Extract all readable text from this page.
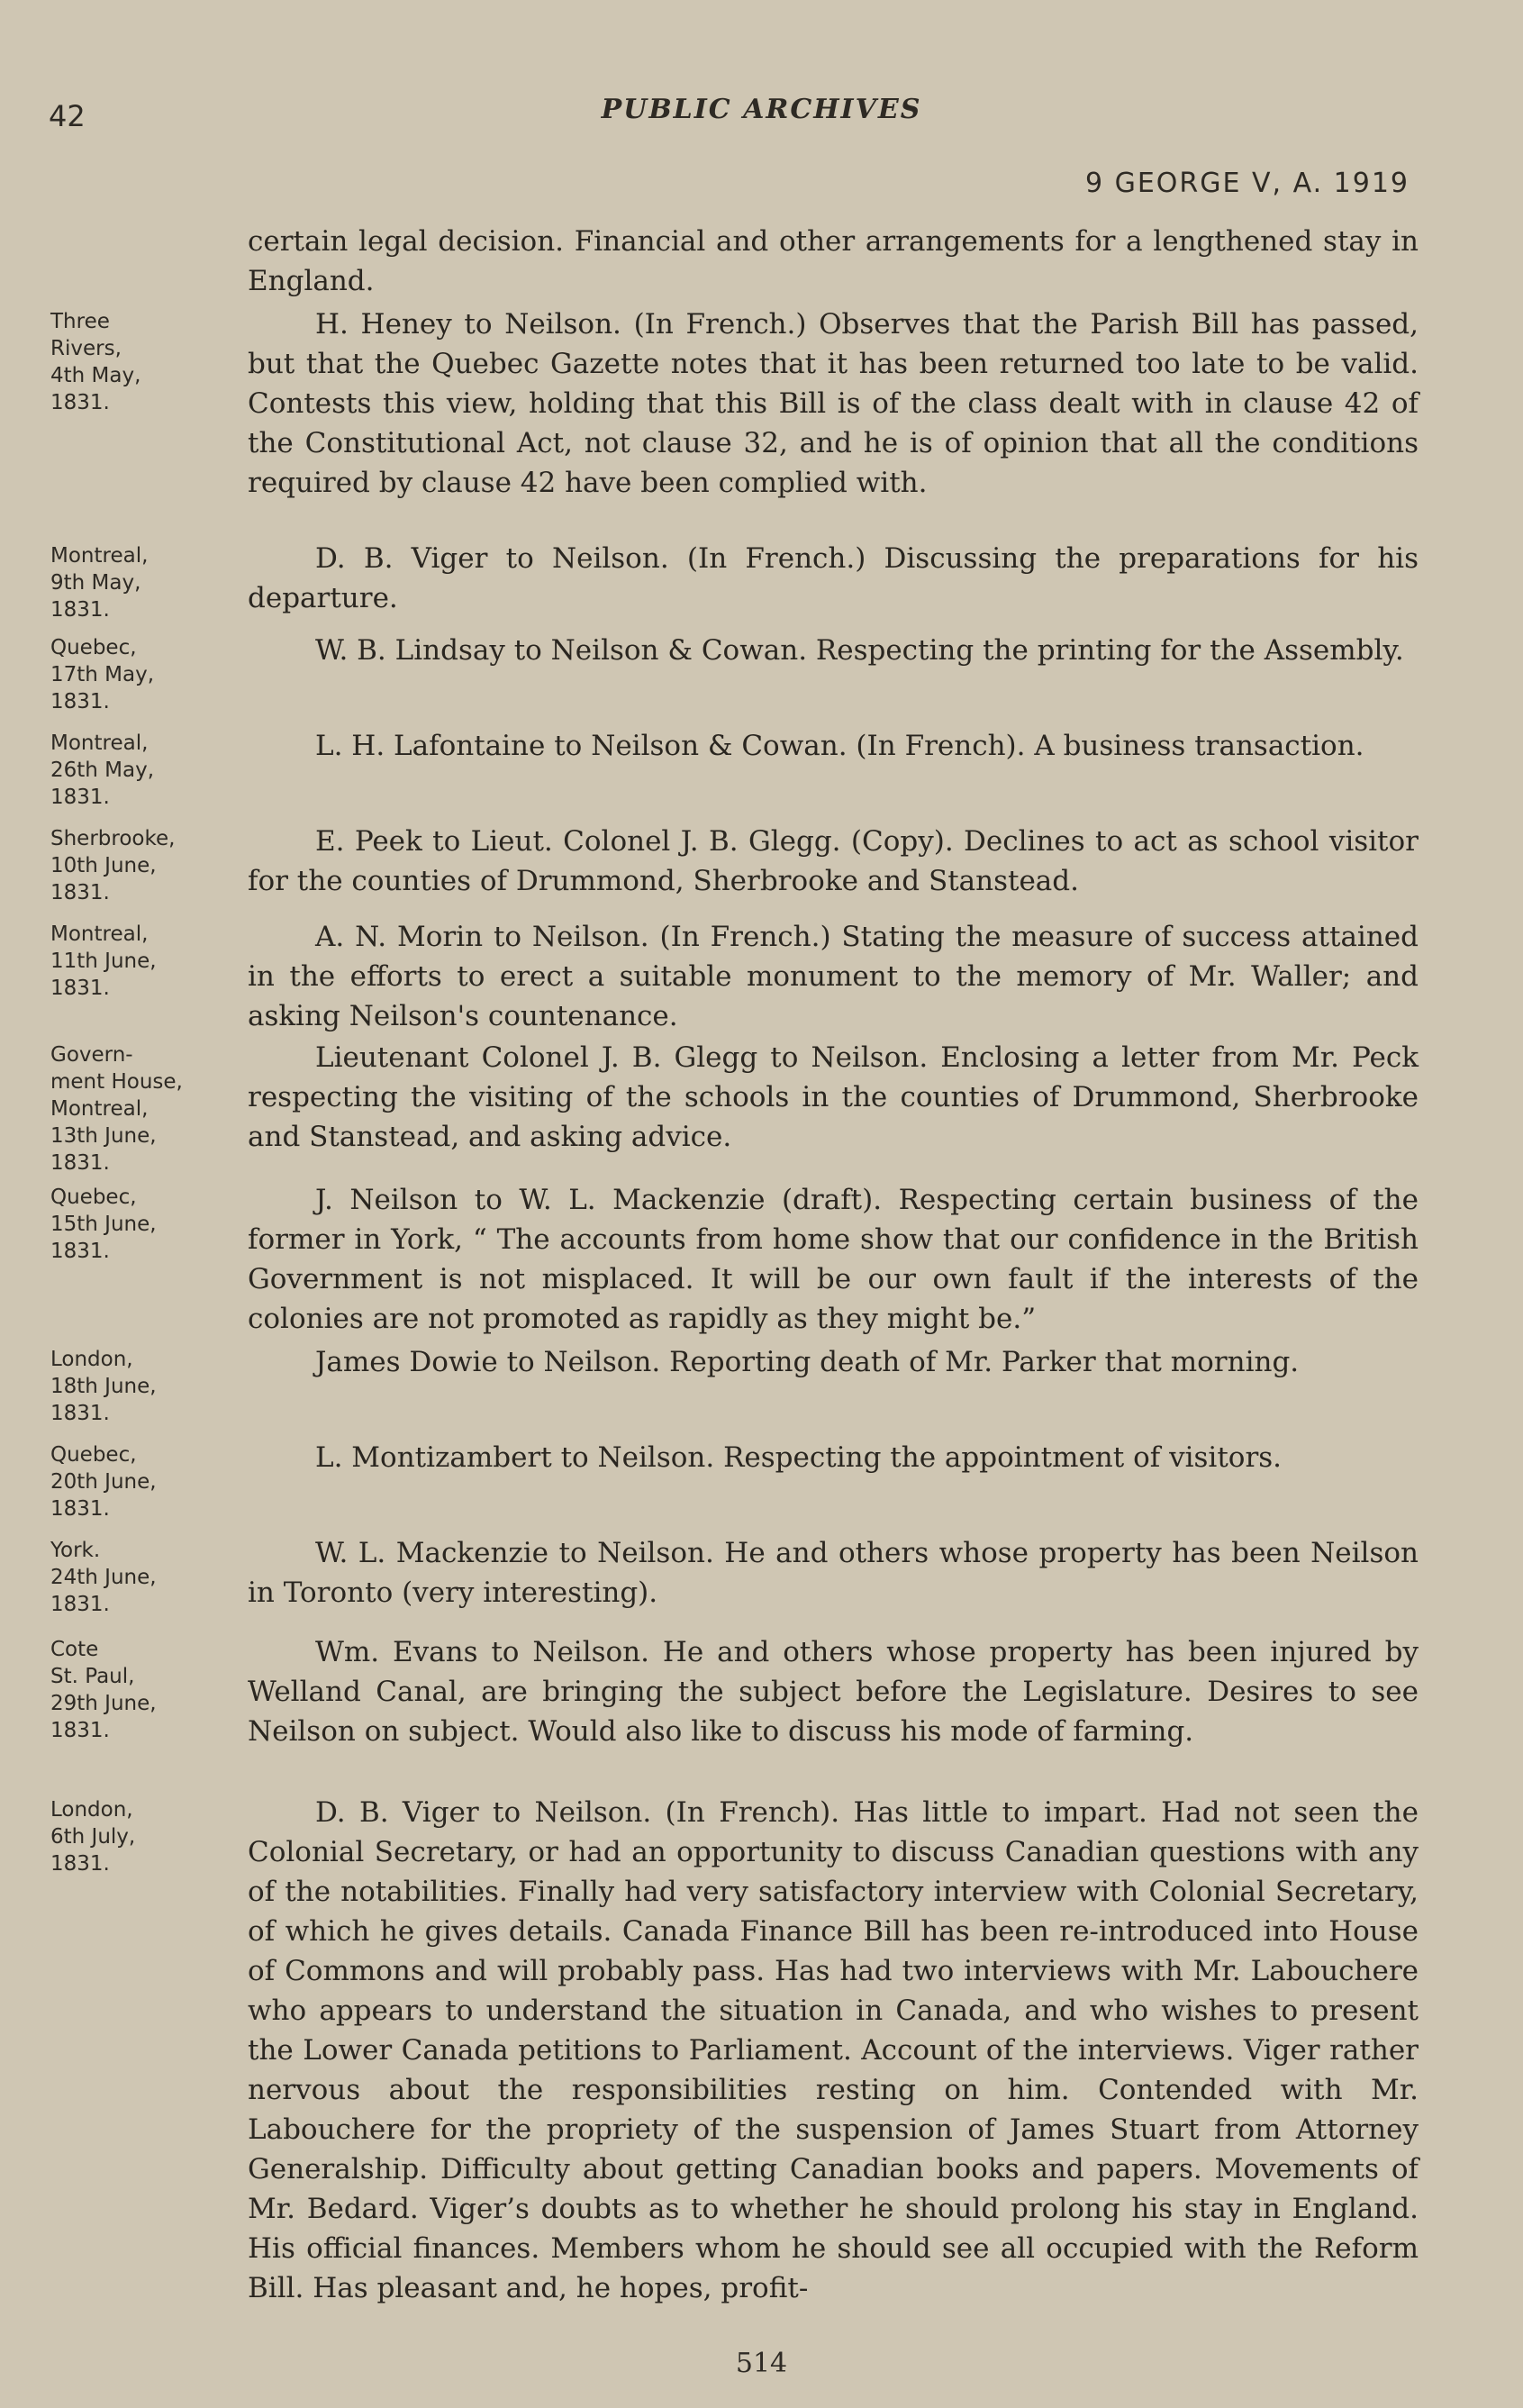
42	PUBLIC ARCHIVES
9 GEORGE V, A. 1919
certain legal decision. Financial and other arrangements for a lengthened stay in England.
Three
Rivers,
4th May,
1831.
H. Heney to Neilson. (In French.) Observes that the Parish Bill has passed, but that the Quebec Gazette notes that it has been returned too late to be valid. Contests this view, holding that this Bill is of the class dealt with in clause 42 of the Constitutional Act, not clause 32, and he is of opinion that all the conditions required by clause 42 have been complied with.
Montreal,
9th May,
1831.
D. B. Viger to Neilson. (In French.) Discussing the preparations for his departure.
Quebec,
17th May,
1831.
W. B. Lindsay to Neilson & Cowan. Respecting the printing for the Assembly.
Montreal,
26th May,
1831.
L. H. Lafontaine to Neilson & Cowan. (In French). A business transaction.
Sherbrooke,
10th June,
1831.
E. Peek to Lieut. Colonel J. B. Glegg. (Copy). Declines to act as school visitor for the counties of Drummond, Sherbrooke and Stanstead.
Montreal,
11th June,
1831.
A. N. Morin to Neilson. (In French.) Stating the measure of success attained in the efforts to erect a suitable monument to the memory of Mr. Waller; and asking Neilson's countenance.
Govern-
ment House,
Montreal,
13th June,
1831.
Lieutenant Colonel J. B. Glegg to Neilson. Enclosing a letter from Mr. Peck respecting the visiting of the schools in the counties of Drummond, Sherbrooke and Stanstead, and asking advice.
Quebec,
15th June,
1831.
J. Neilson to W. L. Mackenzie (draft). Respecting certain business of the former in York, “ The accounts from home show that our confidence in the British Government is not misplaced. It will be our own fault if the interests of the colonies are not promoted as rapidly as they might be.”
London,
18th June,
1831.
James Dowie to Neilson. Reporting death of Mr. Parker that morning.
Quebec,
20th June,
1831.
L. Montizambert to Neilson. Respecting the appointment of visitors.
York.
24th June,
1831.
W. L. Mackenzie to Neilson. He and others whose property has been Neilson in Toronto (very interesting).
Cote
St. Paul,
29th June,
1831.
Wm. Evans to Neilson. He and others whose property has been injured by Welland Canal, are bringing the subject before the Legislature. Desires to see Neilson on subject. Would also like to discuss his mode of farming.
London,
6th July,
1831.
D. B. Viger to Neilson. (In French). Has little to impart. Had not seen the Colonial Secretary, or had an opportunity to discuss Canadian questions with any of the notabilities. Finally had very satisfactory interview with Colonial Secretary, of which he gives details. Canada Finance Bill has been re-introduced into House of Commons and will probably pass. Has had two interviews with Mr. Labouchere who appears to understand the situation in Canada, and who wishes to present the Lower Canada petitions to Parliament. Account of the interviews. Viger rather nervous about the responsibilities resting on him. Contended with Mr. Labouchere for the propriety of the suspension of James Stuart from Attorney Generalship. Difficulty about getting Canadian books and papers. Movements of Mr. Bedard. Viger’s doubts as to whether he should prolong his stay in England. His official finances. Members whom he should see all occupied with the Reform Bill. Has pleasant and, he hopes, profit-
514
